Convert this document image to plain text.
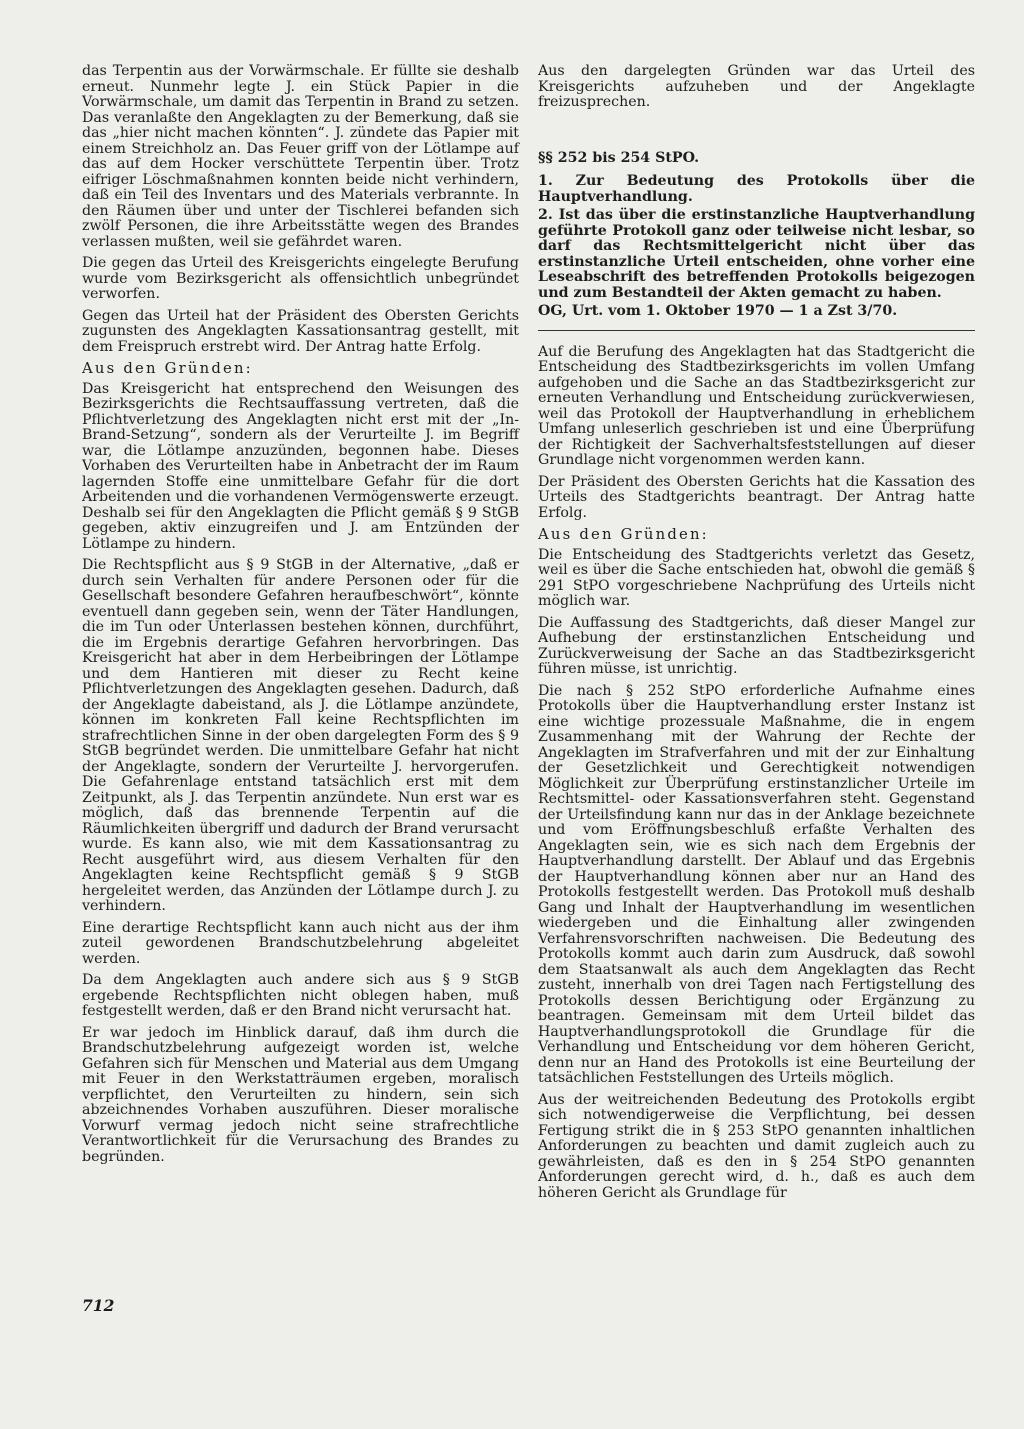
das Terpentin aus der Vorwärmschale. Er füllte sie deshalb erneut. Nunmehr legte J. ein Stück Papier in die Vorwärmschale, um damit das Terpentin in Brand zu setzen. Das veranlaßte den Angeklagten zu der Bemerkung, daß sie das „hier nicht machen könnten“. J. zündete das Papier mit einem Streichholz an. Das Feuer griff von der Lötlampe auf das auf dem Hocker verschüttete Terpentin über. Trotz eifriger Löschmaßnahmen konnten beide nicht verhindern, daß ein Teil des Inventars und des Materials verbrannte. In den Räumen über und unter der Tischlerei befanden sich zwölf Personen, die ihre Arbeitsstätte wegen des Brandes verlassen mußten, weil sie gefährdet waren.

Die gegen das Urteil des Kreisgerichts eingelegte Berufung wurde vom Bezirksgericht als offensichtlich unbegründet verworfen.

Gegen das Urteil hat der Präsident des Obersten Gerichts zugunsten des Angeklagten Kassationsantrag gestellt, mit dem Freispruch erstrebt wird. Der Antrag hatte Erfolg.

Aus den Gründen:

Das Kreisgericht hat entsprechend den Weisungen des Bezirksgerichts die Rechtsauffassung vertreten, daß die Pflichtverletzung des Angeklagten nicht erst mit der „In-Brand-Setzung“, sondern als der Verurteilte J. im Begriff war, die Lötlampe anzuzünden, begonnen habe. Dieses Vorhaben des Verurteilten habe in Anbetracht der im Raum lagernden Stoffe eine unmittelbare Gefahr für die dort Arbeitenden und die vorhandenen Vermögenswerte erzeugt. Deshalb sei für den Angeklagten die Pflicht gemäß § 9 StGB gegeben, aktiv einzugreifen und J. am Entzünden der Lötlampe zu hindern.

Die Rechtspflicht aus § 9 StGB in der Alternative, „daß er durch sein Verhalten für andere Personen oder für die Gesellschaft besondere Gefahren heraufbeschwört“, könnte eventuell dann gegeben sein, wenn der Täter Handlungen, die im Tun oder Unterlassen bestehen können, durchführt, die im Ergebnis derartige Gefahren hervorbringen. Das Kreisgericht hat aber in dem Herbeibringen der Lötlampe und dem Hantieren mit dieser zu Recht keine Pflichtverletzungen des Angeklagten gesehen. Dadurch, daß der Angeklagte dabeistand, als J. die Lötlampe anzündete, können im konkreten Fall keine Rechtspflichten im strafrechtlichen Sinne in der oben dargelegten Form des § 9 StGB begründet werden. Die unmittelbare Gefahr hat nicht der Angeklagte, sondern der Verurteilte J. hervorgerufen. Die Gefahrenlage entstand tatsächlich erst mit dem Zeitpunkt, als J. das Terpentin anzündete. Nun erst war es möglich, daß das brennende Terpentin auf die Räumlichkeiten übergriff und dadurch der Brand verursacht wurde. Es kann also, wie mit dem Kassationsantrag zu Recht ausgeführt wird, aus diesem Verhalten für den Angeklagten keine Rechtspflicht gemäß § 9 StGB hergeleitet werden, das Anzünden der Lötlampe durch J. zu verhindern.

Eine derartige Rechtspflicht kann auch nicht aus der ihm zuteil gewordenen Brandschutzbelehrung abgeleitet werden.

Da dem Angeklagten auch andere sich aus § 9 StGB ergebende Rechtspflichten nicht oblegen haben, muß festgestellt werden, daß er den Brand nicht verursacht hat.

Er war jedoch im Hinblick darauf, daß ihm durch die Brandschutzbelehrung aufgezeigt worden ist, welche Gefahren sich für Menschen und Material aus dem Umgang mit Feuer in den Werkstatträumen ergeben, moralisch verpflichtet, den Verurteilten zu hindern, sein sich abzeichnendes Vorhaben auszuführen. Dieser moralische Vorwurf vermag jedoch nicht seine strafrechtliche Verantwortlichkeit für die Verursachung des Brandes zu begründen.

Aus den dargelegten Gründen war das Urteil des Kreisgerichts aufzuheben und der Angeklagte freizusprechen.

§§ 252 bis 254 StPO.

1. Zur Bedeutung des Protokolls über die Hauptverhandlung.

2. Ist das über die erstinstanzliche Hauptverhandlung geführte Protokoll ganz oder teilweise nicht lesbar, so darf das Rechtsmittelgericht nicht über das erstinstanzliche Urteil entscheiden, ohne vorher eine Leseabschrift des betreffenden Protokolls beigezogen und zum Bestandteil der Akten gemacht zu haben.

OG, Urt. vom 1. Oktober 1970 — 1 a Zst 3/70.

Auf die Berufung des Angeklagten hat das Stadtgericht die Entscheidung des Stadtbezirksgerichts im vollen Umfang aufgehoben und die Sache an das Stadtbezirksgericht zur erneuten Verhandlung und Entscheidung zurückverwiesen, weil das Protokoll der Hauptverhandlung in erheblichem Umfang unleserlich geschrieben ist und eine Überprüfung der Richtigkeit der Sachverhaltsfeststellungen auf dieser Grundlage nicht vorgenommen werden kann.

Der Präsident des Obersten Gerichts hat die Kassation des Urteils des Stadtgerichts beantragt. Der Antrag hatte Erfolg.

Aus den Gründen:

Die Entscheidung des Stadtgerichts verletzt das Gesetz, weil es über die Sache entschieden hat, obwohl die gemäß § 291 StPO vorgeschriebene Nachprüfung des Urteils nicht möglich war.

Die Auffassung des Stadtgerichts, daß dieser Mangel zur Aufhebung der erstinstanzlichen Entscheidung und Zurückverweisung der Sache an das Stadtbezirksgericht führen müsse, ist unrichtig.

Die nach § 252 StPO erforderliche Aufnahme eines Protokolls über die Hauptverhandlung erster Instanz ist eine wichtige prozessuale Maßnahme, die in engem Zusammenhang mit der Wahrung der Rechte der Angeklagten im Strafverfahren und mit der zur Einhaltung der Gesetzlichkeit und Gerechtigkeit notwendigen Möglichkeit zur Überprüfung erstinstanzlicher Urteile im Rechtsmittel- oder Kassationsverfahren steht. Gegenstand der Urteilsfindung kann nur das in der Anklage bezeichnete und vom Eröffnungsbeschluß erfaßte Verhalten des Angeklagten sein, wie es sich nach dem Ergebnis der Hauptverhandlung darstellt. Der Ablauf und das Ergebnis der Hauptverhandlung können aber nur an Hand des Protokolls festgestellt werden. Das Protokoll muß deshalb Gang und Inhalt der Hauptverhandlung im wesentlichen wiedergeben und die Einhaltung aller zwingenden Verfahrensvorschriften nachweisen. Die Bedeutung des Protokolls kommt auch darin zum Ausdruck, daß sowohl dem Staatsanwalt als auch dem Angeklagten das Recht zusteht, innerhalb von drei Tagen nach Fertigstellung des Protokolls dessen Berichtigung oder Ergänzung zu beantragen. Gemeinsam mit dem Urteil bildet das Hauptverhandlungsprotokoll die Grundlage für die Verhandlung und Entscheidung vor dem höheren Gericht, denn nur an Hand des Protokolls ist eine Beurteilung der tatsächlichen Feststellungen des Urteils möglich.

Aus der weitreichenden Bedeutung des Protokolls ergibt sich notwendigerweise die Verpflichtung, bei dessen Fertigung strikt die in § 253 StPO genannten inhaltlichen Anforderungen zu beachten und damit zugleich auch zu gewährleisten, daß es den in § 254 StPO genannten Anforderungen gerecht wird, d. h., daß es auch dem höheren Gericht als Grundlage für

712
